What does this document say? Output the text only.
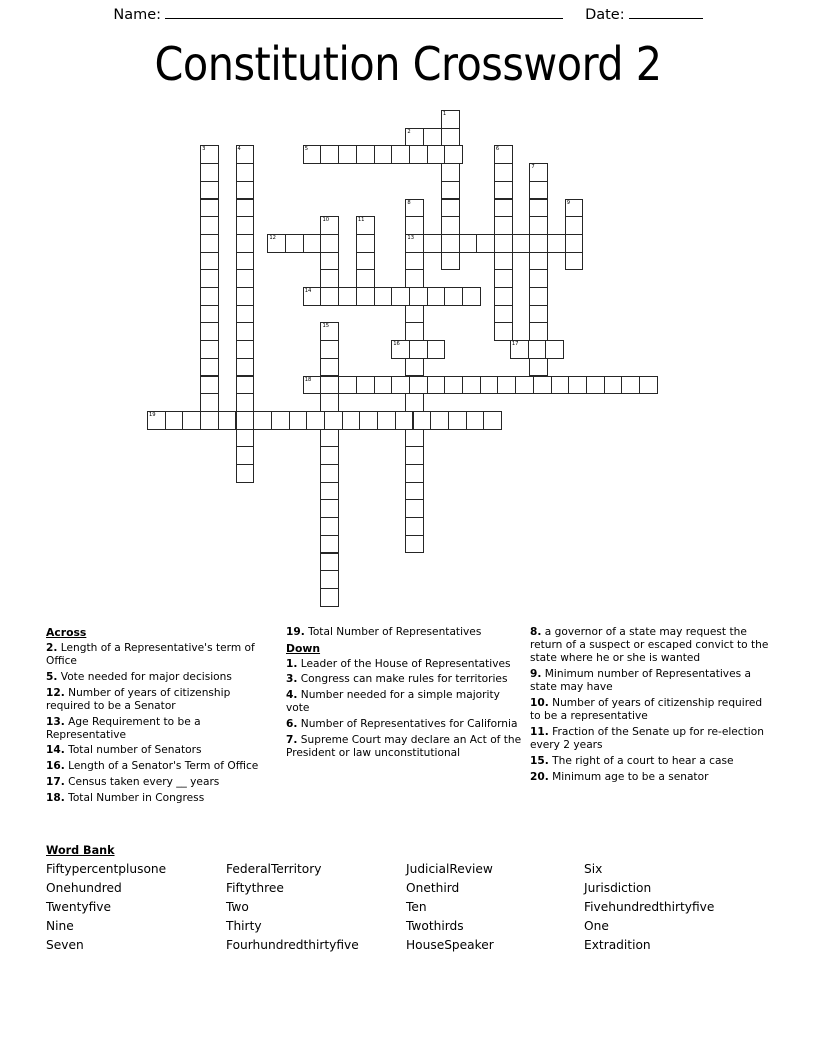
Name:	Date:
Constitution Crossword 2
1
2
3	4	5	6
7
8
13
9
10	11
12
14
15
16	17
18
19
Across
2. Length of a Representative's term of Office
5. Vote needed for major decisions
12. Number of years of citizenship required to be a Senator
13. Age Requirement to be a Representative
14. Total number of Senators
16. Length of a Senator's Term of Office
17. Census taken every __ years
18. Total Number in Congress
19. Total Number of Representatives
Down
1. Leader of the House of Representatives
3. Congress can make rules for territories
4. Number needed for a simple majority vote
6. Number of Representatives for California
7. Supreme Court may declare an Act of the President or law unconstitutional
8. a governor of a state may request the return of a suspect or escaped convict to the state where he or she is wanted
9. Minimum number of Representatives a state may have
10. Number of years of citizenship required to be a representative
11. Fraction of the Senate up for re-election every 2 years
15. The right of a court to hear a case
20. Minimum age to be a senator
Word Bank
Fiftypercentplusone	FederalTerritory	JudicialReview	Six
Onehundred	Fiftythree	Onethird	Jurisdiction
Twentyfive	Two	Ten	Fivehundredthirtyfive
Nine	Thirty	Twothirds	One
Seven	Fourhundredthirtyfive	HouseSpeaker	Extradition
